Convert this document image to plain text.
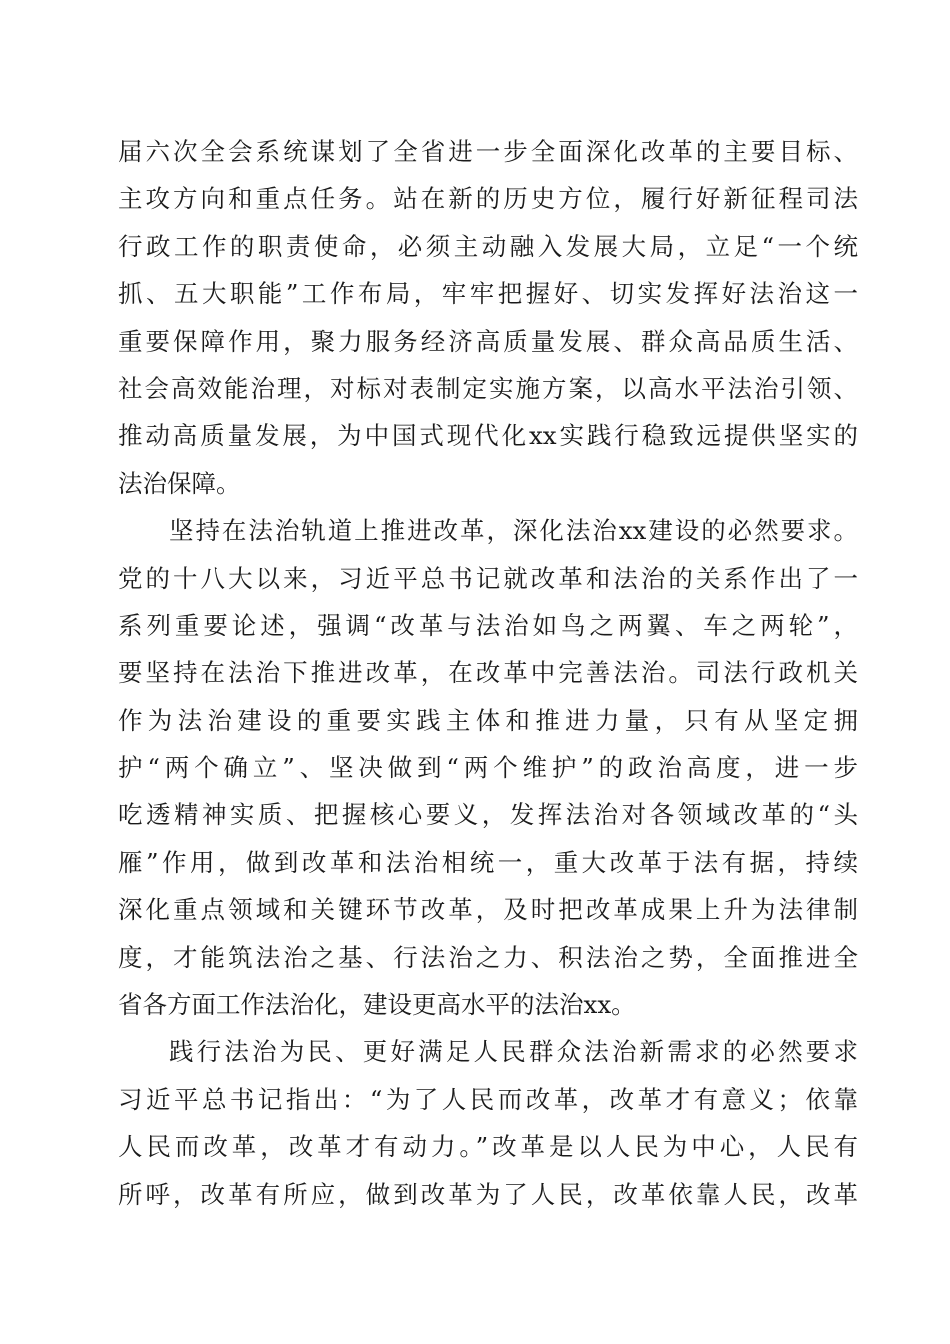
届六次全会系统谋划了全省进一步全面深化改革的主要目标、
主攻方向和重点任务。站在新的历史方位，履行好新征程司法
行政工作的职责使命，必须主动融入发展大局，立足“一个统
抓、五大职能”工作布局，牢牢把握好、切实发挥好法治这一
重要保障作用，聚力服务经济高质量发展、群众高品质生活、
社会高效能治理，对标对表制定实施方案，以高水平法治引领、
推动高质量发展，为中国式现代化xx实践行稳致远提供坚实的
法治保障。
坚持在法治轨道上推进改革，深化法治xx建设的必然要求。
党的十八大以来，习近平总书记就改革和法治的关系作出了一
系列重要论述，强调“改革与法治如鸟之两翼、车之两轮”，
要坚持在法治下推进改革，在改革中完善法治。司法行政机关
作为法治建设的重要实践主体和推进力量，只有从坚定拥
护“两个确立”、坚决做到“两个维护”的政治高度，进一步
吃透精神实质、把握核心要义，发挥法治对各领域改革的“头
雁”作用，做到改革和法治相统一，重大改革于法有据，持续
深化重点领域和关键环节改革，及时把改革成果上升为法律制
度，才能筑法治之基、行法治之力、积法治之势，全面推进全
省各方面工作法治化，建设更高水平的法治xx。
践行法治为民、更好满足人民群众法治新需求的必然要求
习近平总书记指出：“为了人民而改革，改革才有意义；依靠
人民而改革，改革才有动力。”改革是以人民为中心，人民有
所呼，改革有所应，做到改革为了人民，改革依靠人民，改革
